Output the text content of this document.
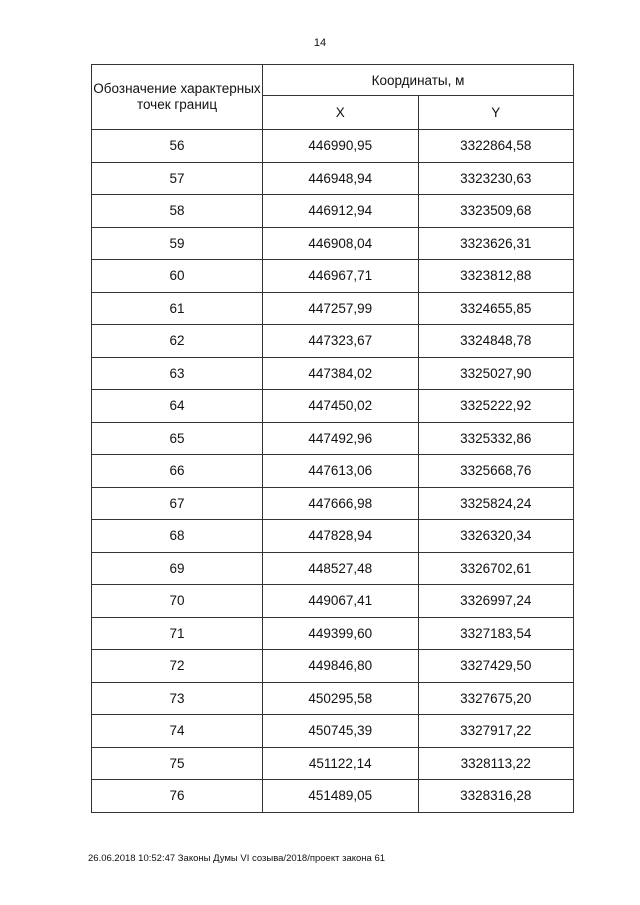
14
Обозначение характерных точек границ	Координаты, м	
	X	Y
56	446990,95	3322864,58
57	446948,94	3323230,63
58	446912,94	3323509,68
59	446908,04	3323626,31
60	446967,71	3323812,88
61	447257,99	3324655,85
62	447323,67	3324848,78
63	447384,02	3325027,90
64	447450,02	3325222,92
65	447492,96	3325332,86
66	447613,06	3325668,76
67	447666,98	3325824,24
68	447828,94	3326320,34
69	448527,48	3326702,61
70	449067,41	3326997,24
71	449399,60	3327183,54
72	449846,80	3327429,50
73	450295,58	3327675,20
74	450745,39	3327917,22
75	451122,14	3328113,22
76	451489,05	3328316,28
26.06.2018 10:52:47 Законы Думы VI созыва/2018/проект закона 61
